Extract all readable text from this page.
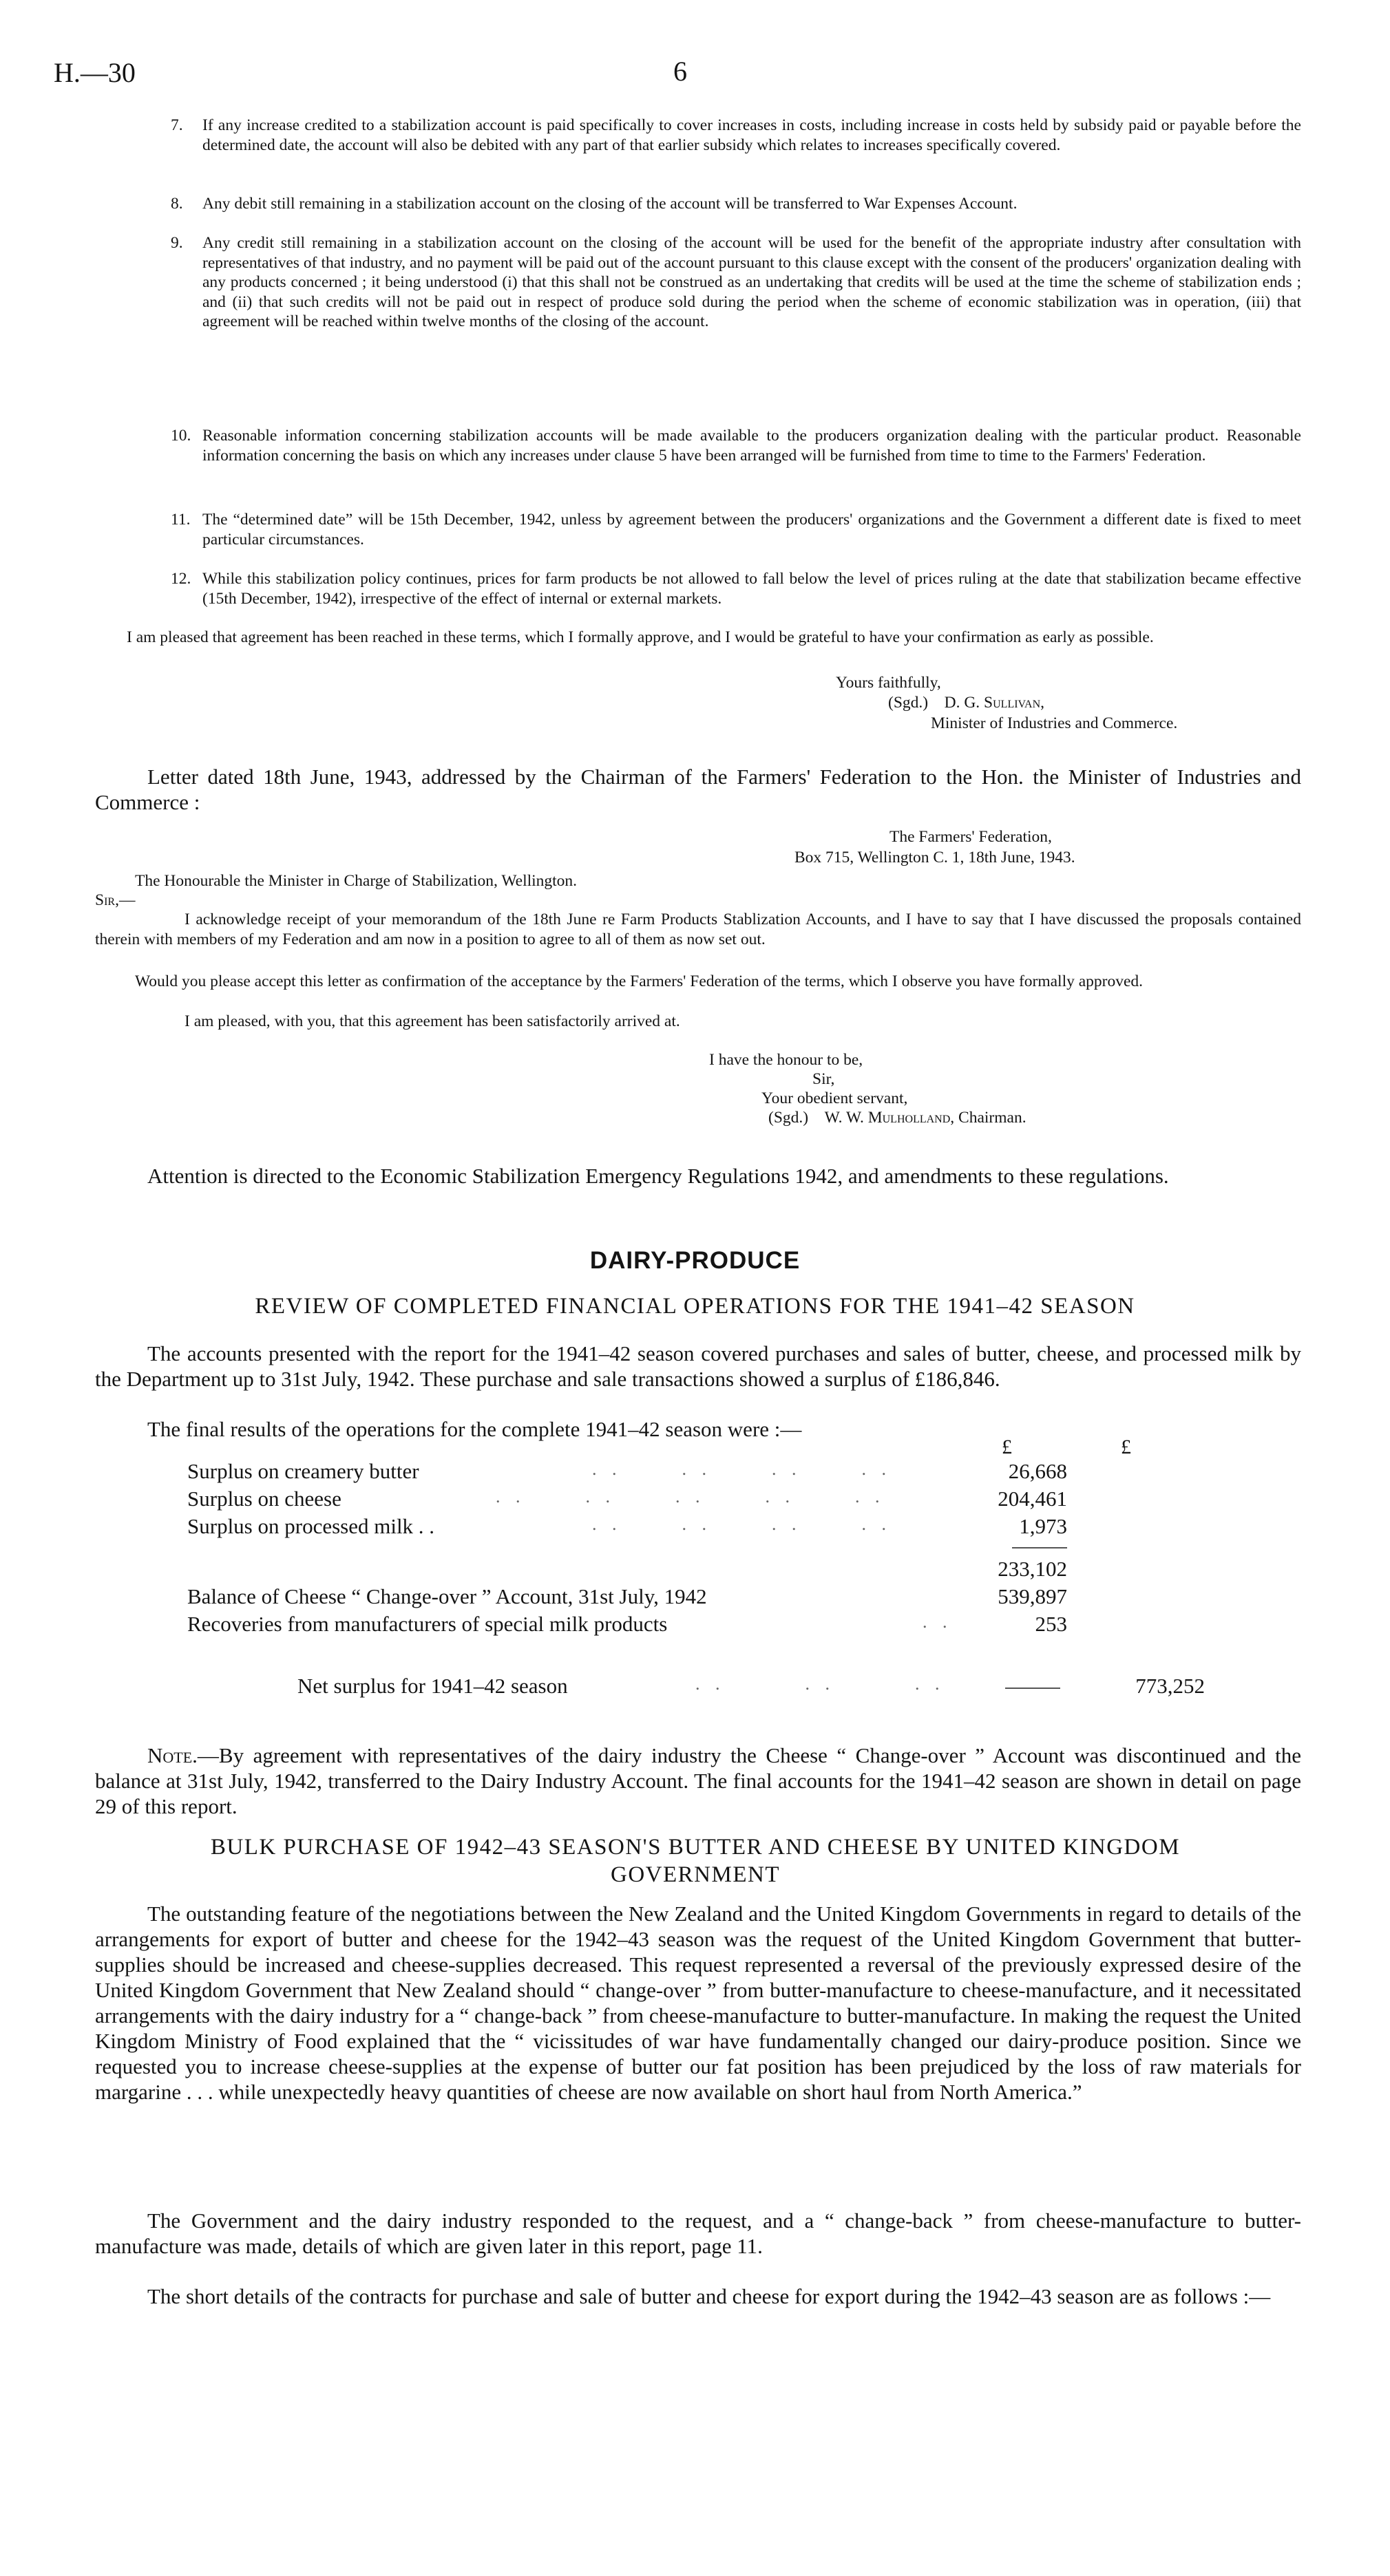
H.—30	6
7. If any increase credited to a stabilization account is paid specifically to cover increases in costs, including increase in costs held by subsidy paid or payable before the determined date, the account will also be debited with any part of that earlier subsidy which relates to increases specifically covered.
8. Any debit still remaining in a stabilization account on the closing of the account will be transferred to War Expenses Account.
9. Any credit still remaining in a stabilization account on the closing of the account will be used for the benefit of the appropriate industry after consultation with representatives of that industry, and no payment will be paid out of the account pursuant to this clause except with the consent of the producers' organization dealing with any products concerned ; it being understood (i) that this shall not be construed as an undertaking that credits will be used at the time the scheme of stabilization ends ; and (ii) that such credits will not be paid out in respect of produce sold during the period when the scheme of economic stabilization was in operation, (iii) that agreement will be reached within twelve months of the closing of the account.
10. Reasonable information concerning stabilization accounts will be made available to the producers organization dealing with the particular product. Reasonable information concerning the basis on which any increases under clause 5 have been arranged will be furnished from time to time to the Farmers' Federation.
11. The “determined date” will be 15th December, 1942, unless by agreement between the producers' organizations and the Government a different date is fixed to meet particular circumstances.
12. While this stabilization policy continues, prices for farm products be not allowed to fall below the level of prices ruling at the date that stabilization became effective (15th December, 1942), irrespective of the effect of internal or external markets.
I am pleased that agreement has been reached in these terms, which I formally approve, and I would be grateful to have your confirmation as early as possible.
Yours faithfully,
(Sgd.) D. G. Sullivan,
Minister of Industries and Commerce.
Letter dated 18th June, 1943, addressed by the Chairman of the Farmers' Federation to the Hon. the Minister of Industries and Commerce :
The Farmers' Federation,
Box 715, Wellington C. 1, 18th June, 1943.
The Honourable the Minister in Charge of Stabilization, Wellington.
Sir,—
I acknowledge receipt of your memorandum of the 18th June re Farm Products Stablization Accounts, and I have to say that I have discussed the proposals contained therein with members of my Federation and am now in a position to agree to all of them as now set out.
Would you please accept this letter as confirmation of the acceptance by the Farmers' Federation of the terms, which I observe you have formally approved.
I am pleased, with you, that this agreement has been satisfactorily arrived at.
I have the honour to be,
Sir,
Your obedient servant,
(Sgd.) W. W. Mulholland, Chairman.
Attention is directed to the Economic Stabilization Emergency Regulations 1942, and amendments to these regulations.
DAIRY-PRODUCE
REVIEW OF COMPLETED FINANCIAL OPERATIONS FOR THE 1941–42 SEASON
The accounts presented with the report for the 1941–42 season covered purchases and sales of butter, cheese, and processed milk by the Department up to 31st July, 1942. These purchase and sale transactions showed a surplus of £186,846.
The final results of the operations for the complete 1941–42 season were :—
£	£
Surplus on creamery butter	. .      . .      . .      . .	26,668
Surplus on cheese	. .      . .      . .      . .      . .	204,461
Surplus on processed milk . .	. .      . .      . .      . .	1,973
233,102
Balance of Cheese “ Change-over ” Account, 31st July, 1942	539,897
Recoveries from manufacturers of special milk products	. .	253
Net surplus for 1941–42 season	. .        . .        . .	773,252
Note.—By agreement with representatives of the dairy industry the Cheese “ Change-over ” Account was discontinued and the balance at 31st July, 1942, transferred to the Dairy Industry Account. The final accounts for the 1941–42 season are shown in detail on page 29 of this report.
BULK PURCHASE OF 1942–43 SEASON'S BUTTER AND CHEESE BY UNITED KINGDOM GOVERNMENT
The outstanding feature of the negotiations between the New Zealand and the United Kingdom Governments in regard to details of the arrangements for export of butter and cheese for the 1942–43 season was the request of the United Kingdom Government that butter-supplies should be increased and cheese-supplies decreased. This request represented a reversal of the previously expressed desire of the United Kingdom Government that New Zealand should “ change-over ” from butter-manufacture to cheese-manufacture, and it necessitated arrangements with the dairy industry for a “ change-back ” from cheese-manufacture to butter-manufacture. In making the request the United Kingdom Ministry of Food explained that the “ vicissitudes of war have fundamentally changed our dairy-produce position. Since we requested you to increase cheese-supplies at the expense of butter our fat position has been prejudiced by the loss of raw materials for margarine . . . while unexpectedly heavy quantities of cheese are now available on short haul from North America.”
The Government and the dairy industry responded to the request, and a “ change-back ” from cheese-manufacture to butter-manufacture was made, details of which are given later in this report, page 11.
The short details of the contracts for purchase and sale of butter and cheese for export during the 1942–43 season are as follows :—
